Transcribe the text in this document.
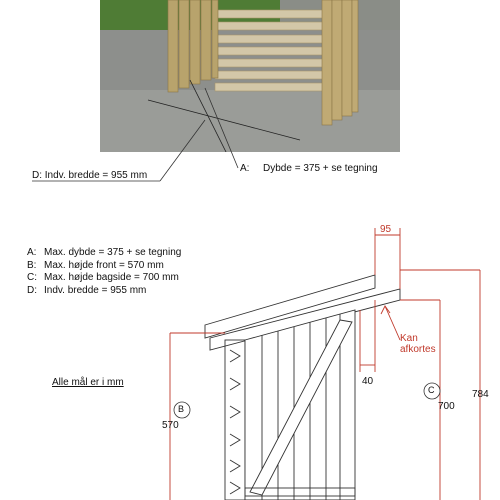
A: Dybde = 375 + se tegning
D: Indv. bredde = 955 mm
A: Max. dybde = 375 + se tegning
B: Max. højde front = 570 mm
C: Max. højde bagside = 700 mm
D: Indv. bredde = 955 mm
Alle mål er i mm
95
Kan
afkortes
40
570
700
784
B
C
